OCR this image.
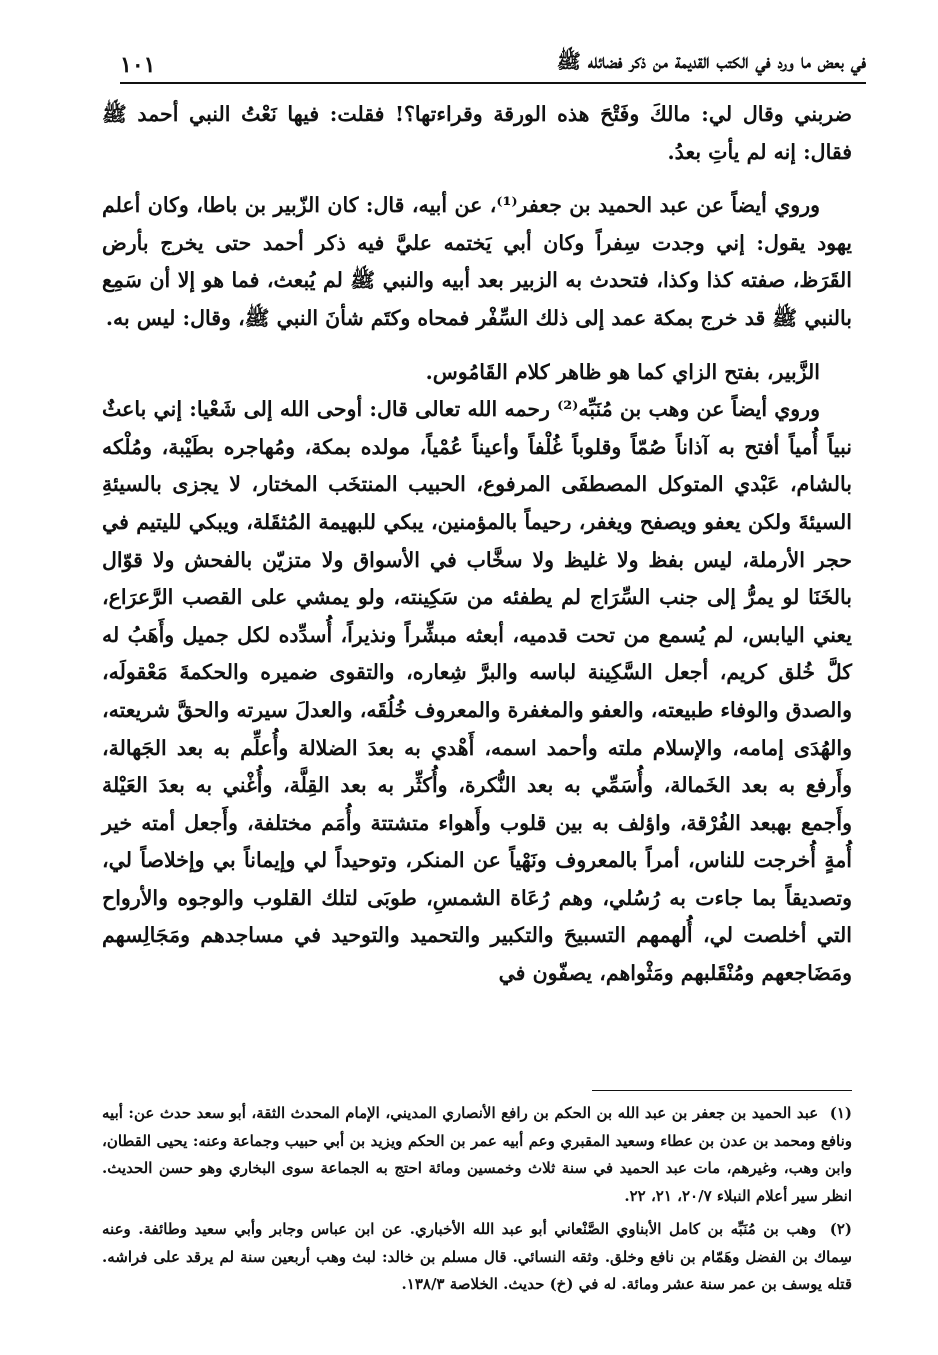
في بعض ما ورد في الكتب القديمة من ذكر فضائله ﷺ
١٠١

ضربني وقال لي: مالكَ وفَتْحَ هذه الورقة وقراءتها؟! فقلت: فيها نَعْتُ النبي أحمد ﷺ فقال: إنه لم يأتِ بعدُ.

وروي أيضاً عن عبد الحميد بن جعفر⁽¹⁾، عن أبيه، قال: كان الزّبير بن باطا، وكان أعلم يهود يقول: إني وجدت سِفراً وكان أبي يَختمه عليَّ فيه ذكر أحمد حتى يخرج بأرض القَرَظ، صفته كذا وكذا، فتحدث به الزبير بعد أبيه والنبي ﷺ لم يُبعث، فما هو إلا أن سَمِع بالنبي ﷺ قد خرج بمكة عمد إلى ذلك السِّفْر فمحاه وكتَم شأنَ النبي ﷺ، وقال: ليس به.

الزَّبير، بفتح الزاي كما هو ظاهر كلام القَامُوس.

وروي أيضاً عن وهب بن مُنَبِّه⁽²⁾ رحمه الله تعالى قال: أوحى الله إلى شَعْيا: إني باعثٌ نبياً أُمياً أفتح به آذاناً صُمّاً وقلوباً غُلْفاً وأعيناً عُمْياً، مولده بمكة، ومُهاجره بطَيْبة، ومُلْكه بالشام، عَبْدي المتوكل المصطفَى المرفوع، الحبيب المنتخَب المختار، لا يجزى بالسيئةِ السيئةَ ولكن يعفو ويصفح ويغفر، رحيماً بالمؤمنين، يبكي للبهيمة المُثقَلة، ويبكي لليتيم في حجر الأرملة، ليس بفظ ولا غليظ ولا سخَّاب في الأسواق ولا متزيّن بالفحش ولا قوّال بالخَنَا لو يمرُّ إلى جنب السِّرَاج لم يطفئه من سَكِينته، ولو يمشي على القصب الرَّعرَاع، يعني اليابس، لم يُسمع من تحت قدميه، أبعثه مبشِّراً ونذيراً، أُسدِّده لكل جميل وأَهَبُ له كلَّ خُلق كريم، أجعل السَّكِينة لباسه والبرَّ شِعاره، والتقوى ضميره والحكمةَ مَعْقولَه، والصدق والوفاء طبيعته، والعفو والمغفرة والمعروف خُلُقَه، والعدلَ سيرته والحقَّ شريعته، والهُدَى إمامه، والإسلام ملته وأحمد اسمه، أَهْدي به بعدَ الضلالة وأُعلِّم به بعد الجَهالة، وأَرفع به بعد الخَمالة، وأُسَمِّي به بعد النُّكرة، وأُكثِّر به بعد القِلَّة، وأُغْني به بعدَ العَيْلة وأَجمع بهبعد الفُرْقة، واؤلف به بين قلوب وأَهواء متشتتة وأُمَم مختلفة، وأَجعل أمته خير أُمةٍ أُخرجت للناس، أمراً بالمعروف ونَهْياً عن المنكر، وتوحيداً لي وإيماناً بي وإخلاصاً لي، وتصديقاً بما جاءت به رُسُلي، وهم رُعَاة الشمسِ، طوبَى لتلك القلوب والوجوه والأرواح التي أخلصت لي، أُلهمهم التسبيحَ والتكبير والتحميد والتوحيد في مساجدهم ومَجَالِسهم ومَضَاجعهم ومُنْقَلبهم ومَثْواهم، يصفّون في

(١) عبد الحميد بن جعفر بن عبد الله بن الحكم بن رافع الأنصاري المديني، الإمام المحدث الثقة، أبو سعد حدث عن: أبيه ونافع ومحمد بن عدن بن عطاء وسعيد المقبري وعم أبيه عمر بن الحكم ويزيد بن أبي حبيب وجماعة وعنه: يحيى القطان، وابن وهب، وغيرهم، مات عبد الحميد في سنة ثلاث وخمسين ومائة احتج به الجماعة سوى البخاري وهو حسن الحديث. انظر سير أعلام النبلاء ٢٠/٧، ٢١، ٢٢.

(٢) وهب بن مُنَبِّه بن كامل الأبناوي الصَّنْعاني أبو عبد الله الأخباري. عن ابن عباس وجابر وأبي سعيد وطائفة. وعنه سِماك بن الفضل وهَمّام بن نافع وخلق. وثقه النسائي. قال مسلم بن خالد: لبث وهب أربعين سنة لم يرقد على فراشه. قتله يوسف بن عمر سنة عشر ومائة. له في (خ) حديث. الخلاصة ١٣٨/٣.
